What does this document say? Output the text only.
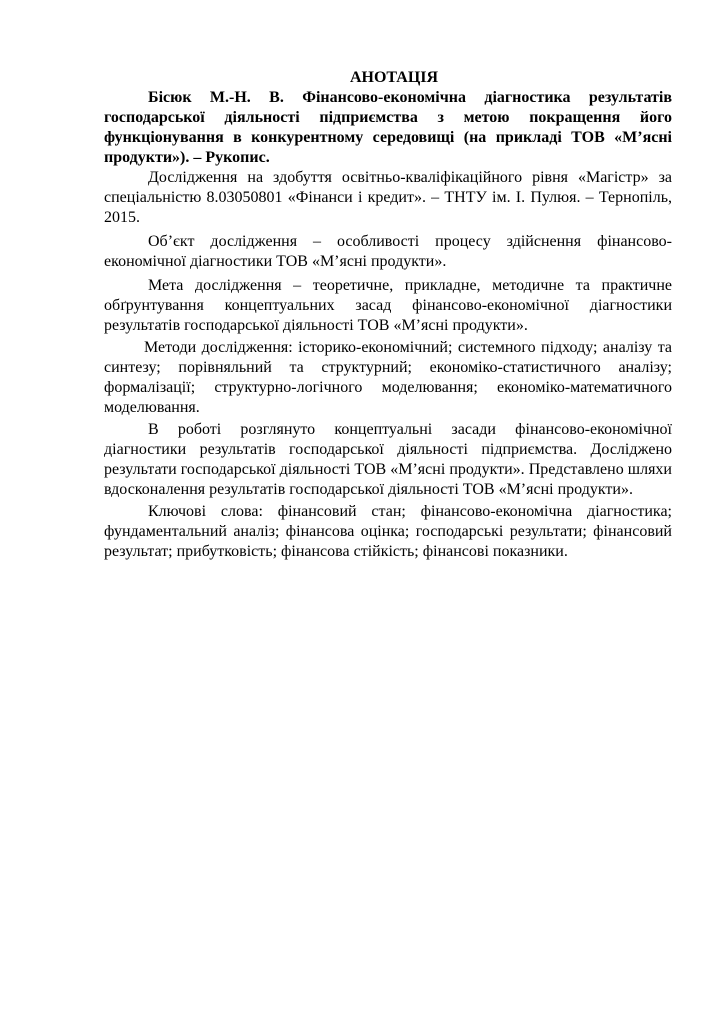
АНОТАЦІЯ

Бісюк М.-Н. В. Фінансово-економічна діагностика результатів господарської діяльності підприємства з метою покращення його функціонування в конкурентному середовищі (на прикладі ТОВ «М’ясні продукти»). – Рукопис.

Дослідження на здобуття освітньо-кваліфікаційного рівня «Магістр» за спеціальністю 8.03050801 «Фінанси і кредит». – ТНТУ ім. І. Пулюя. – Тернопіль, 2015.

Об’єкт дослідження – особливості процесу здійснення фінансово-економічної діагностики ТОВ «М’ясні продукти».

Мета дослідження – теоретичне, прикладне, методичне та практичне обґрунтування концептуальних засад фінансово-економічної діагностики результатів господарської діяльності ТОВ «М’ясні продукти».

Методи дослідження: історико-економічний; системного підходу; аналізу та синтезу; порівняльний та структурний; економіко-статистичного аналізу; формалізації; структурно-логічного моделювання; економіко-математичного моделювання.

В роботі розглянуто концептуальні засади фінансово-економічної діагностики результатів господарської діяльності підприємства. Досліджено результати господарської діяльності ТОВ «М’ясні продукти». Представлено шляхи вдосконалення результатів господарської діяльності ТОВ «М’ясні продукти».

Ключові слова: фінансовий стан; фінансово-економічна діагностика; фундаментальний аналіз; фінансова оцінка; господарські результати; фінансовий результат; прибутковість; фінансова стійкість; фінансові показники.
